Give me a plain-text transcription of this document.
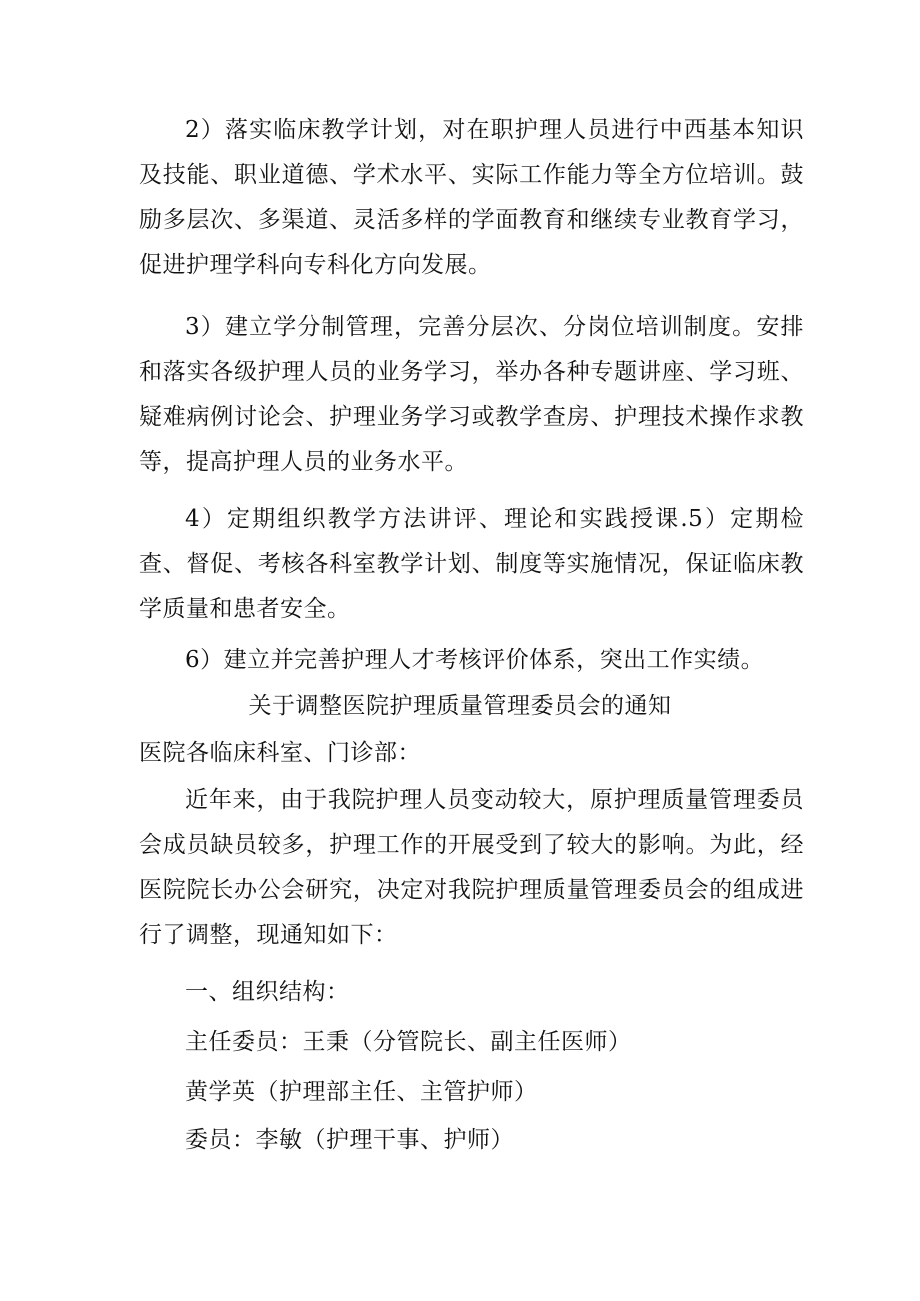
2）落实临床教学计划，对在职护理人员进行中西基本知识及技能、职业道德、学术水平、实际工作能力等全方位培训。鼓励多层次、多渠道、灵活多样的学面教育和继续专业教育学习，促进护理学科向专科化方向发展。

3）建立学分制管理，完善分层次、分岗位培训制度。安排和落实各级护理人员的业务学习，举办各种专题讲座、学习班、疑难病例讨论会、护理业务学习或教学查房、护理技术操作求教等，提高护理人员的业务水平。

4）定期组织教学方法讲评、理论和实践授课.5）定期检查、督促、考核各科室教学计划、制度等实施情况，保证临床教学质量和患者安全。

6）建立并完善护理人才考核评价体系，突出工作实绩。

关于调整医院护理质量管理委员会的通知

医院各临床科室、门诊部：

近年来，由于我院护理人员变动较大，原护理质量管理委员会成员缺员较多，护理工作的开展受到了较大的影响。为此，经医院院长办公会研究，决定对我院护理质量管理委员会的组成进行了调整，现通知如下：

一、组织结构：

主任委员：王秉（分管院长、副主任医师）

黄学英（护理部主任、主管护师）

委员：李敏（护理干事、护师）
